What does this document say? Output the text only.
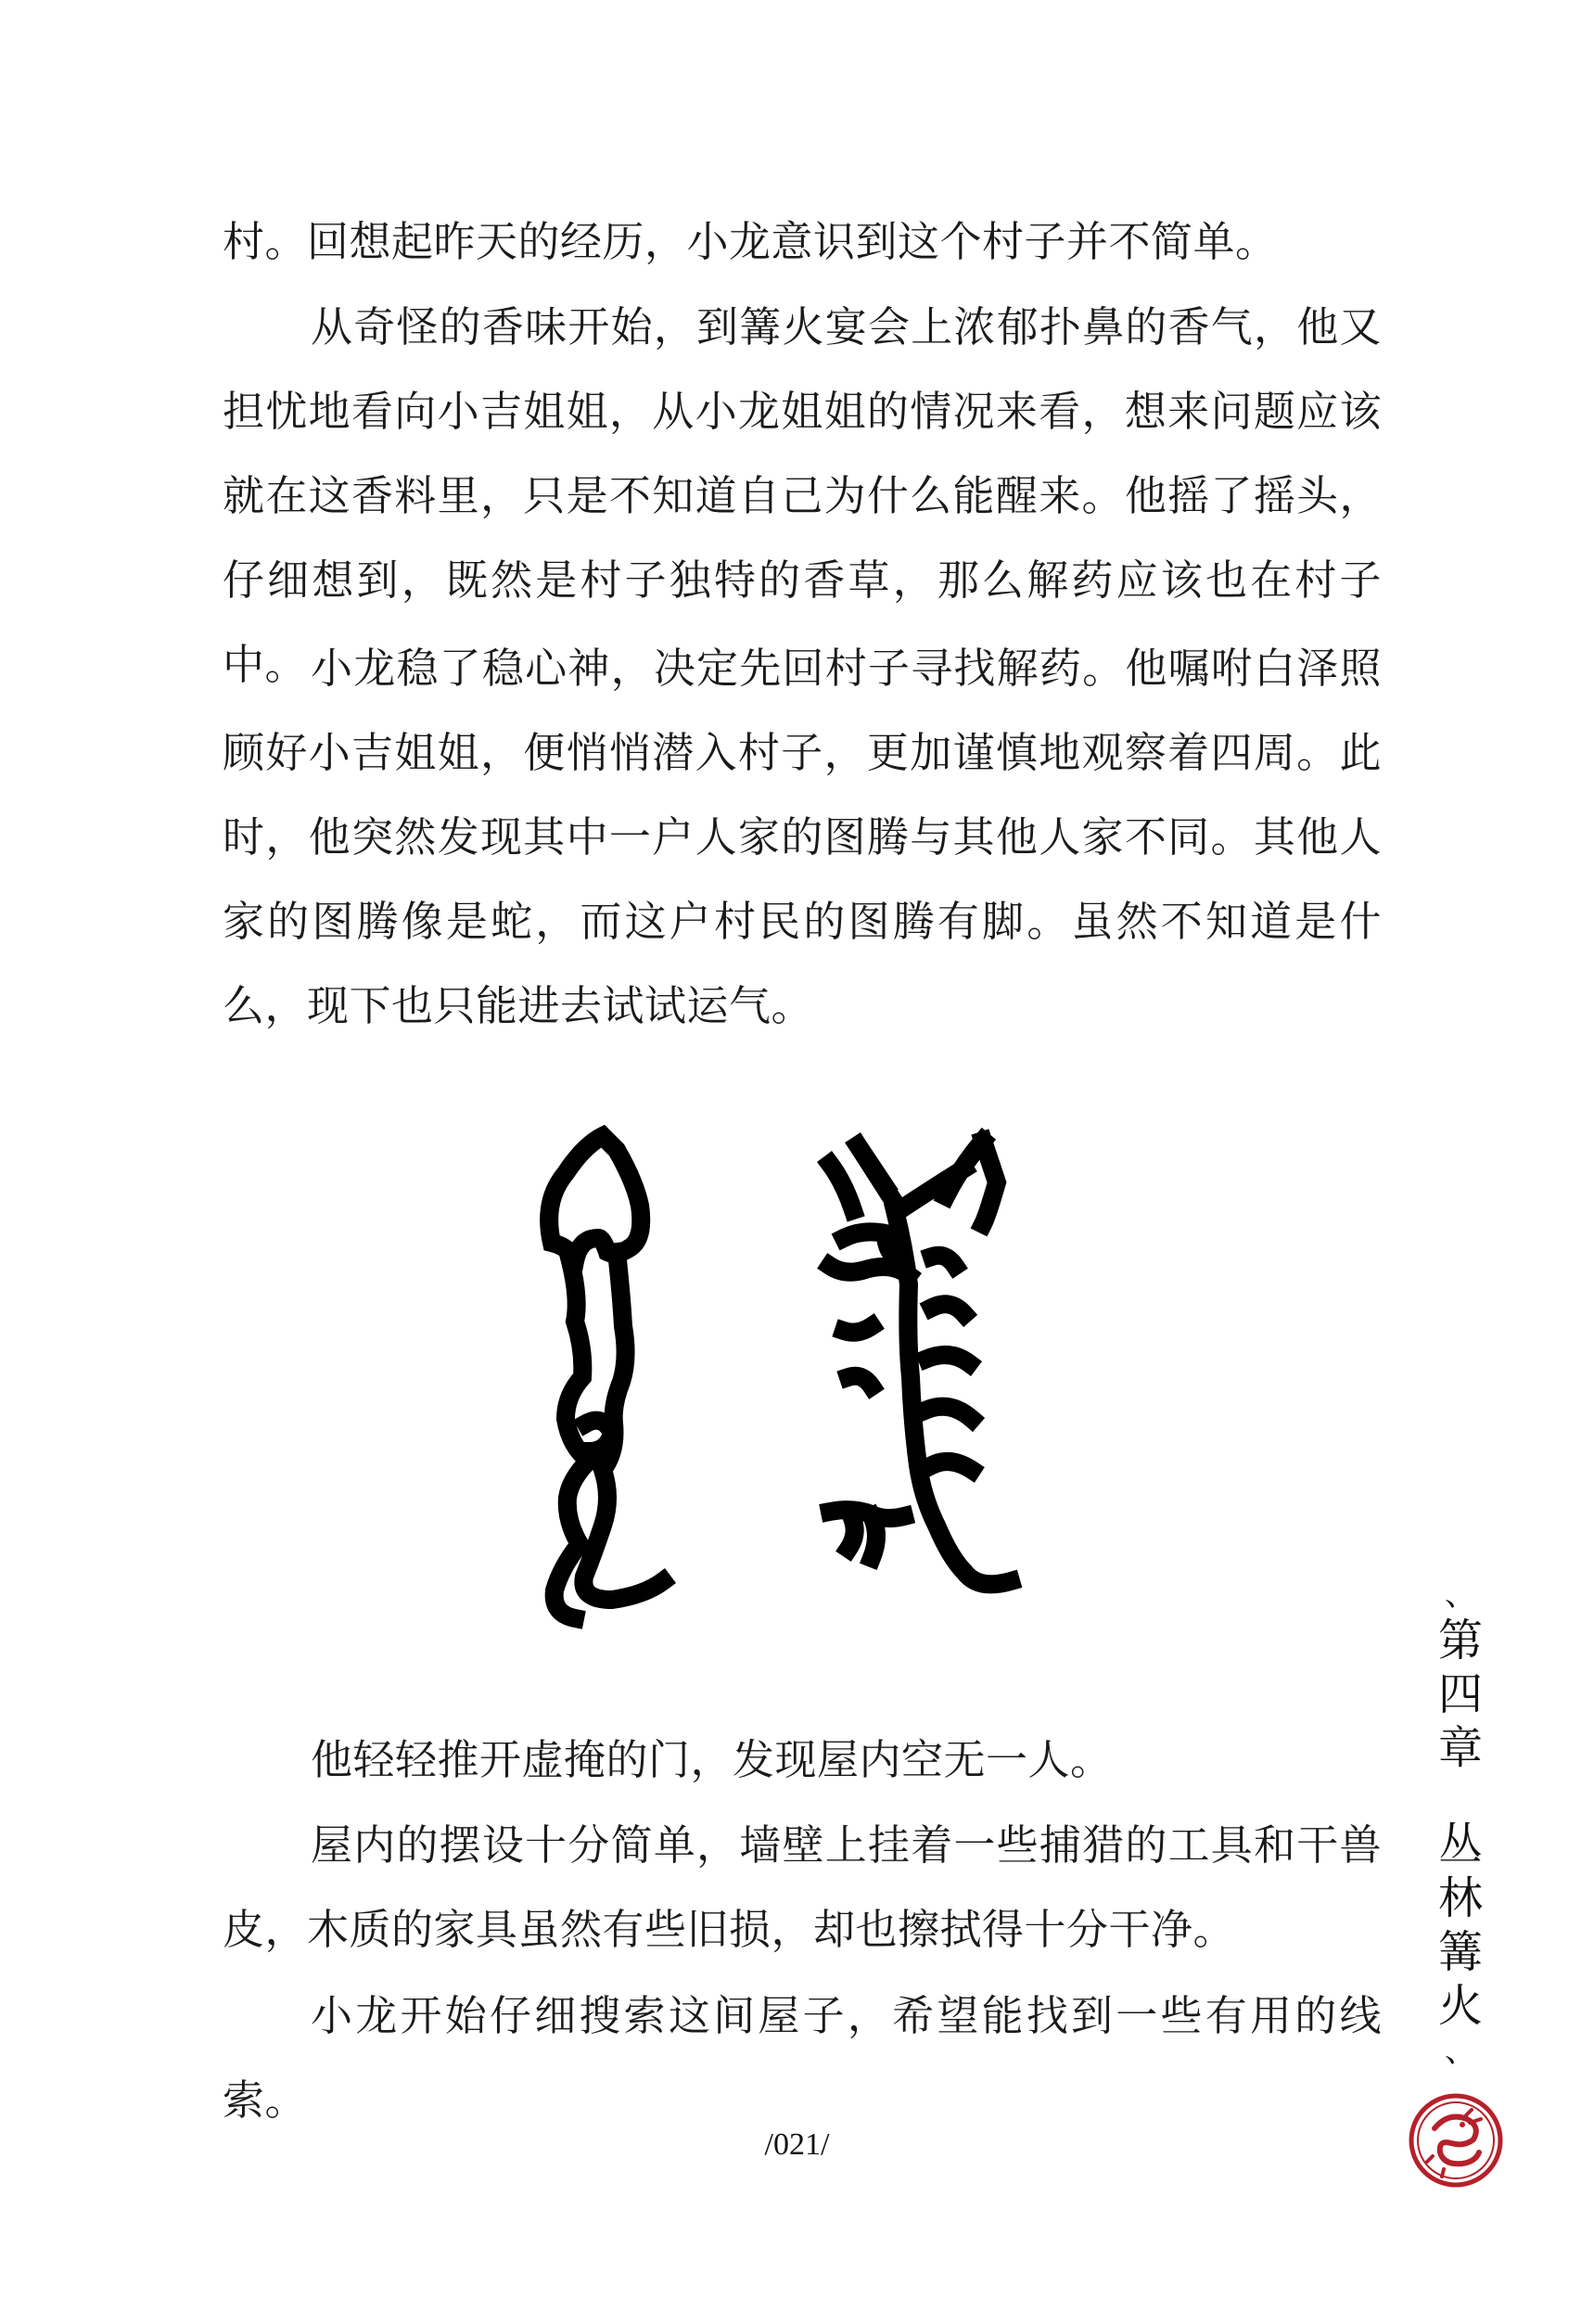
村。回想起昨天的经历，小龙意识到这个村子并不简单。

从奇怪的香味开始，到篝火宴会上浓郁扑鼻的香气，他又担忧地看向小吉姐姐，从小龙姐姐的情况来看，想来问题应该就在这香料里，只是不知道自己为什么能醒来。他摇了摇头，仔细想到，既然是村子独特的香草，那么解药应该也在村子中。 小龙稳了稳心神，决定先回村子寻找解药。他嘱咐白泽照顾好小吉姐姐，便悄悄潜入村子，更加谨慎地观察着四周。此时，他突然发现其中一户人家的图腾与其他人家不同。其他人家的图腾像是蛇，而这户村民的图腾有脚。虽然不知道是什么，现下也只能进去试试运气。

他轻轻推开虚掩的门，发现屋内空无一人。

屋内的摆设十分简单，墙壁上挂着一些捕猎的工具和干兽皮，木质的家具虽然有些旧损，却也擦拭得十分干净。

小龙开始仔细搜索这间屋子，希望能找到一些有用的线索。

、
第
四
章
丛
林
篝
火
、
/021/
